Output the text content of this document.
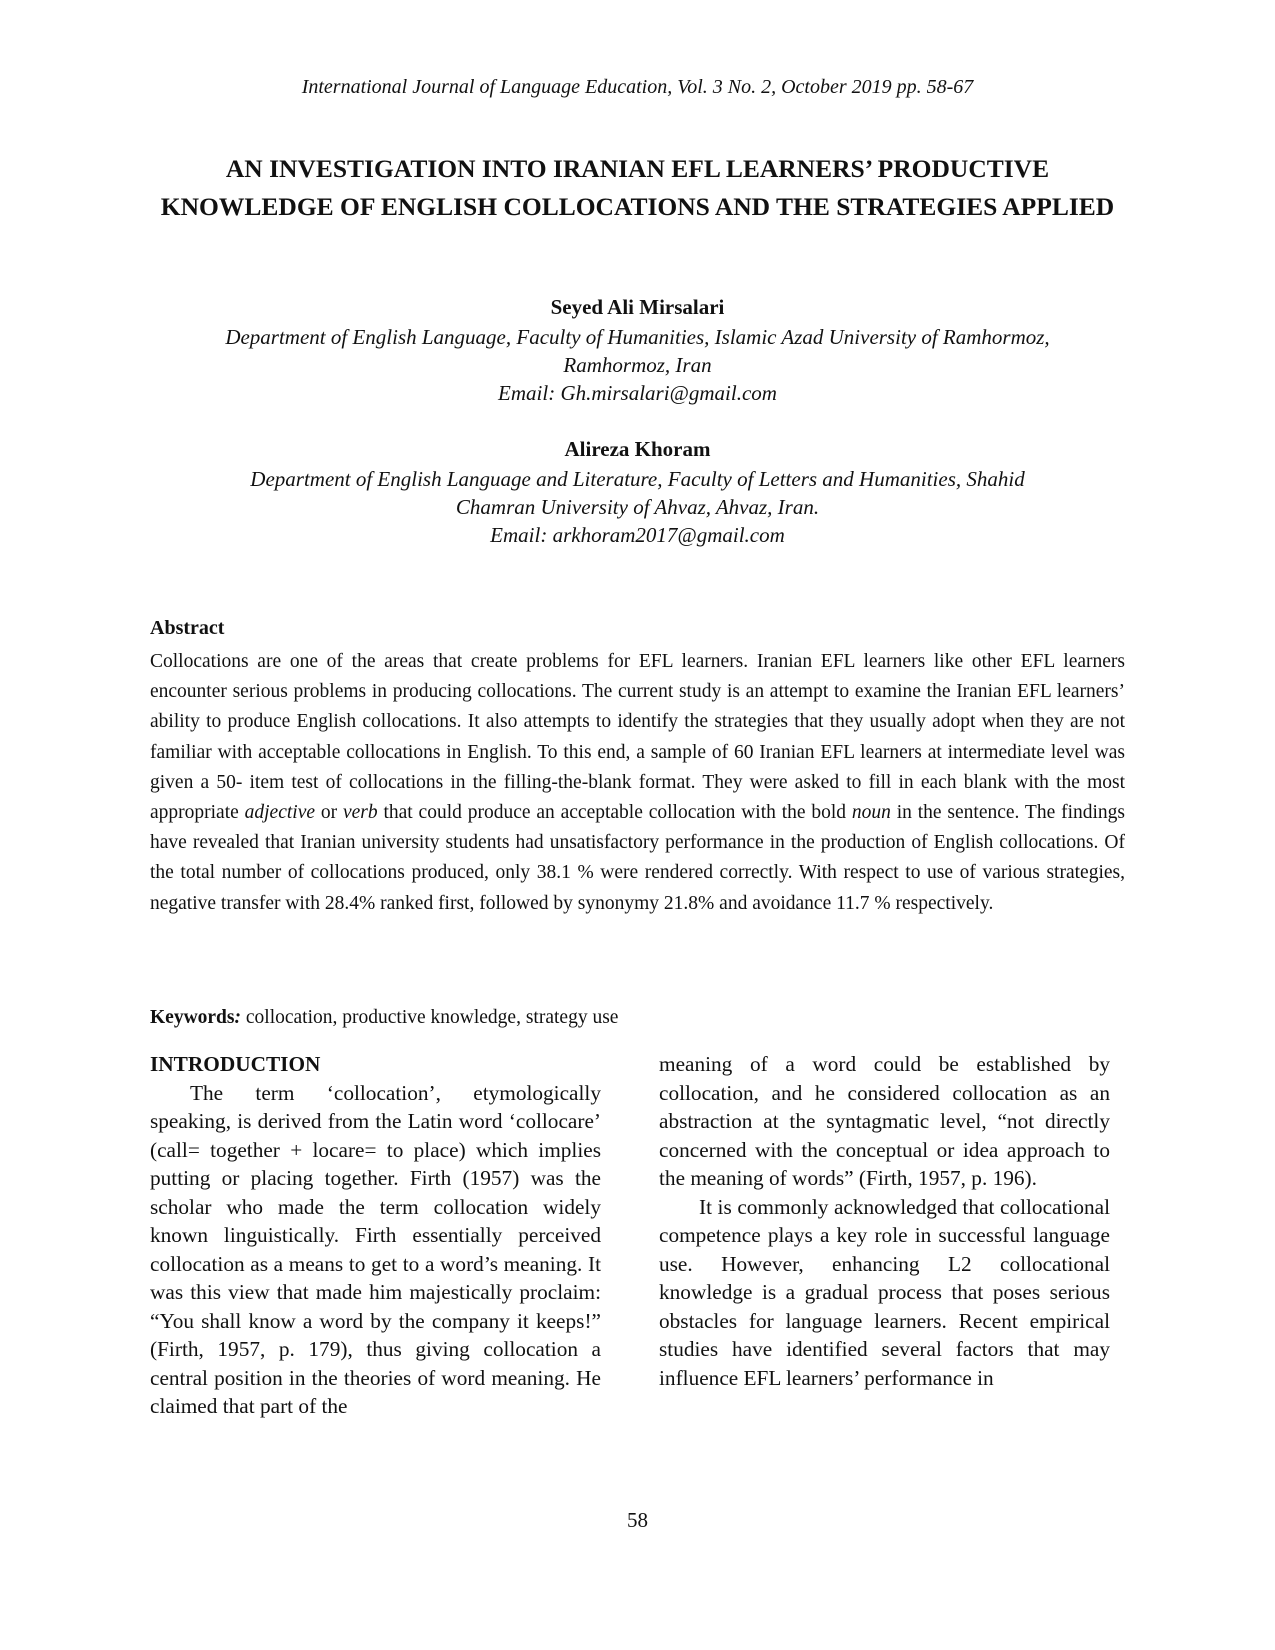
International Journal of Language Education, Vol. 3 No. 2, October 2019 pp. 58-67
AN INVESTIGATION INTO IRANIAN EFL LEARNERS’ PRODUCTIVE KNOWLEDGE OF ENGLISH COLLOCATIONS AND THE STRATEGIES APPLIED
Seyed Ali Mirsalari
Department of English Language, Faculty of Humanities, Islamic Azad University of Ramhormoz,
Ramhormoz, Iran
Email: Gh.mirsalari@gmail.com
Alireza Khoram
Department of English Language and Literature, Faculty of Letters and Humanities, Shahid
Chamran University of Ahvaz, Ahvaz, Iran.
Email: arkhoram2017@gmail.com
Abstract
Collocations are one of the areas that create problems for EFL learners. Iranian EFL learners like other EFL learners encounter serious problems in producing collocations. The current study is an attempt to examine the Iranian EFL learners’ ability to produce English collocations. It also attempts to identify the strategies that they usually adopt when they are not familiar with acceptable collocations in English. To this end, a sample of 60 Iranian EFL learners at intermediate level was given a 50- item test of collocations in the filling-the-blank format. They were asked to fill in each blank with the most appropriate adjective or verb that could produce an acceptable collocation with the bold noun in the sentence. The findings have revealed that Iranian university students had unsatisfactory performance in the production of English collocations. Of the total number of collocations produced, only 38.1 % were rendered correctly. With respect to use of various strategies, negative transfer with 28.4% ranked first, followed by synonymy 21.8% and avoidance 11.7 % respectively.
Keywords: collocation, productive knowledge, strategy use
INTRODUCTION

The term ‘collocation’, etymologically speaking, is derived from the Latin word ‘collocare’ (call= together + locare= to place) which implies putting or placing together. Firth (1957) was the scholar who made the term collocation widely known linguistically. Firth essentially perceived collocation as a means to get to a word’s meaning. It was this view that made him majestically proclaim: “You shall know a word by the company it keeps!” (Firth, 1957, p. 179), thus giving collocation a central position in the theories of word meaning. He claimed that part of the

meaning of a word could be established by collocation, and he considered collocation as an abstraction at the syntagmatic level, “not directly concerned with the conceptual or idea approach to the meaning of words” (Firth, 1957, p. 196).

It is commonly acknowledged that collocational competence plays a key role in successful language use. However, enhancing L2 collocational knowledge is a gradual process that poses serious obstacles for language learners. Recent empirical studies have identified several factors that may influence EFL learners’ performance in

58
